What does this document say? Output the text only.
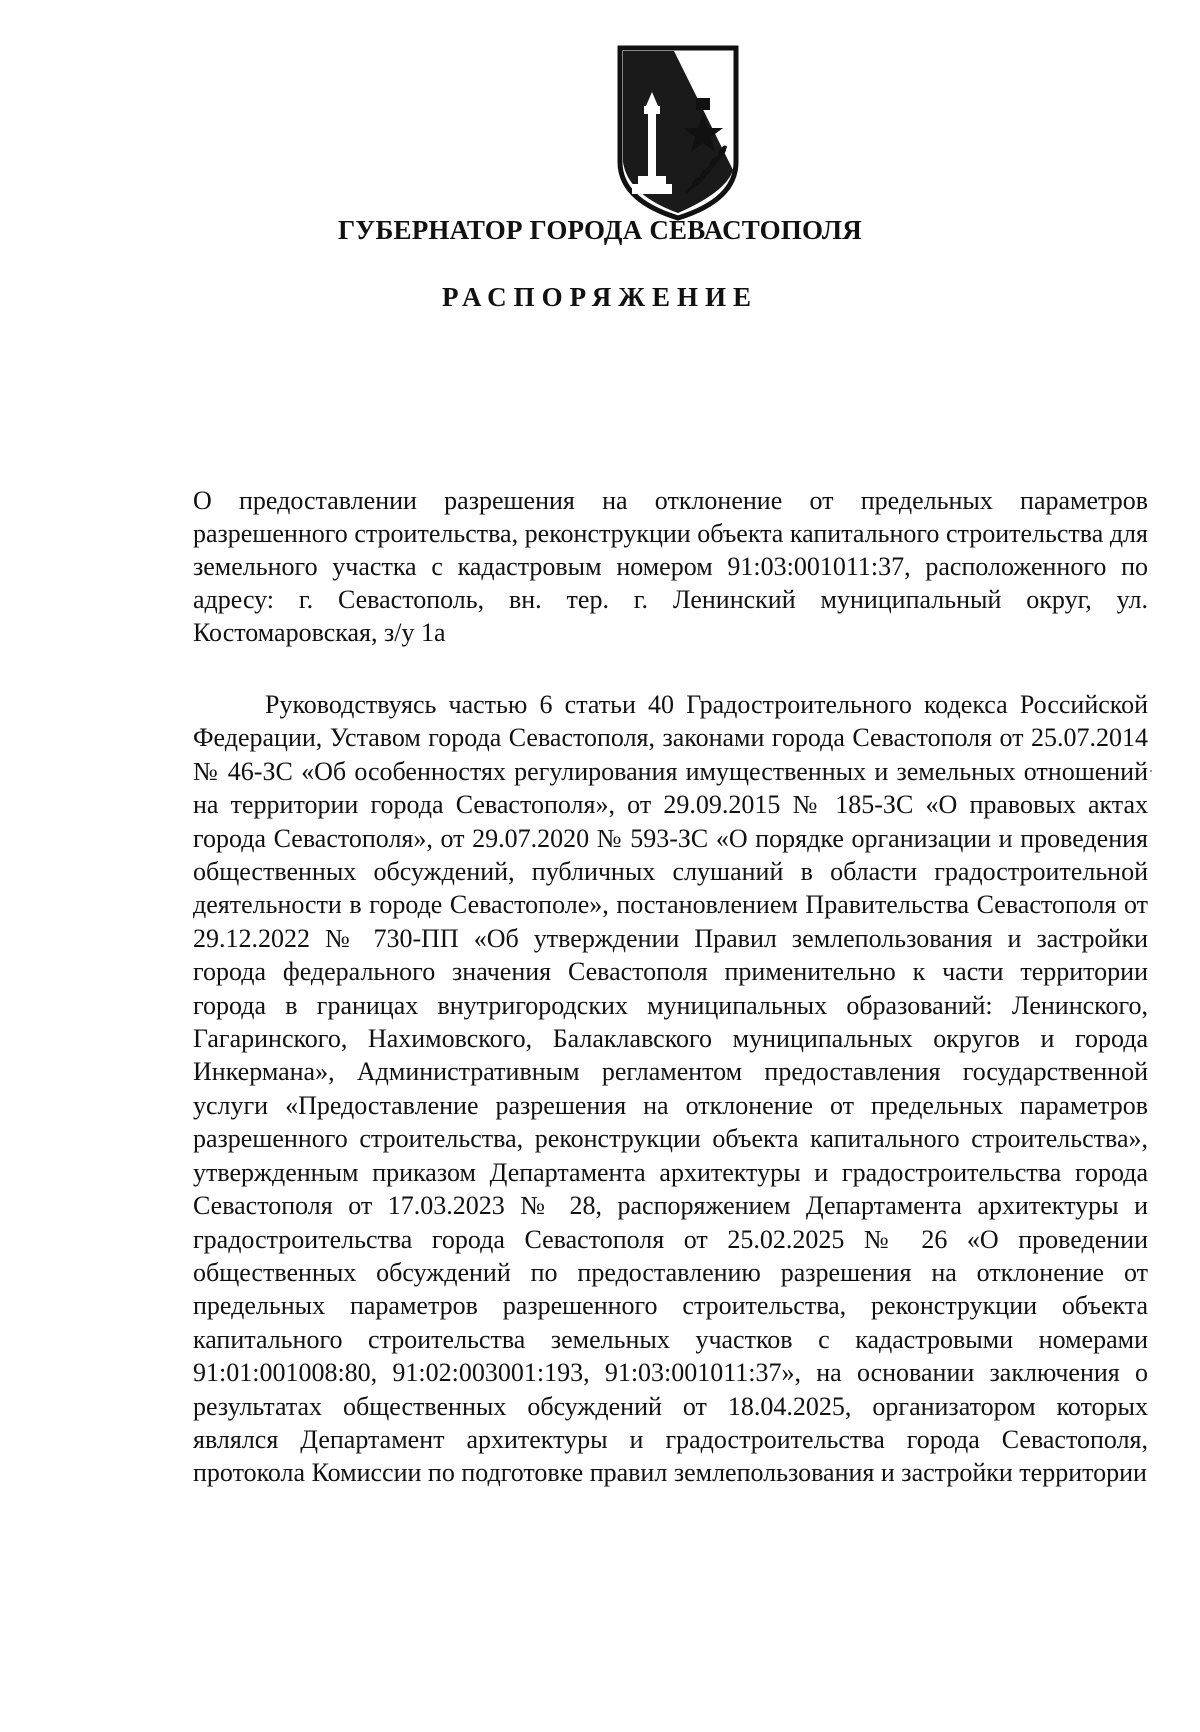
ГУБЕРНАТОР ГОРОДА СЕВАСТОПОЛЯ
РАСПОРЯЖЕНИЕ

О предоставлении разрешения на отклонение от предельных параметров разрешенного строительства, реконструкции объекта капитального строительства для земельного участка с кадастровым номером 91:03:001011:37, расположенного по адресу: г. Севастополь, вн. тер. г. Ленинский муниципальный округ, ул. Костомаровская, з/у 1а

Руководствуясь частью 6 статьи 40 Градостроительного кодекса Российской Федерации, Уставом города Севастополя, законами города Севастополя от 25.07.2014 № 46-ЗС «Об особенностях регулирования имущественных и земельных отношений на территории города Севастополя», от 29.09.2015 № 185-ЗС «О правовых актах города Севастополя», от 29.07.2020 № 593-ЗС «О порядке организации и проведения общественных обсуждений, публичных слушаний в области градостроительной деятельности в городе Севастополе», постановлением Правительства Севастополя от 29.12.2022 № 730-ПП «Об утверждении Правил землепользования и застройки города федерального значения Севастополя применительно к части территории города в границах внутригородских муниципальных образований: Ленинского, Гагаринского, Нахимовского, Балаклавского муниципальных округов и города Инкермана», Административным регламентом предоставления государственной услуги «Предоставление разрешения на отклонение от предельных параметров разрешенного строительства, реконструкции объекта капитального строительства», утвержденным приказом Департамента архитектуры и градостроительства города Севастополя от 17.03.2023 № 28, распоряжением Департамента архитектуры и градостроительства города Севастополя от 25.02.2025 № 26 «О проведении общественных обсуждений по предоставлению разрешения на отклонение от предельных параметров разрешенного строительства, реконструкции объекта капитального строительства земельных участков с кадастровыми номерами 91:01:001008:80, 91:02:003001:193, 91:03:001011:37», на основании заключения о результатах общественных обсуждений от 18.04.2025, организатором которых являлся Департамент архитектуры и градостроительства города Севастополя, протокола Комиссии по подготовке правил землепользования и застройки территории
